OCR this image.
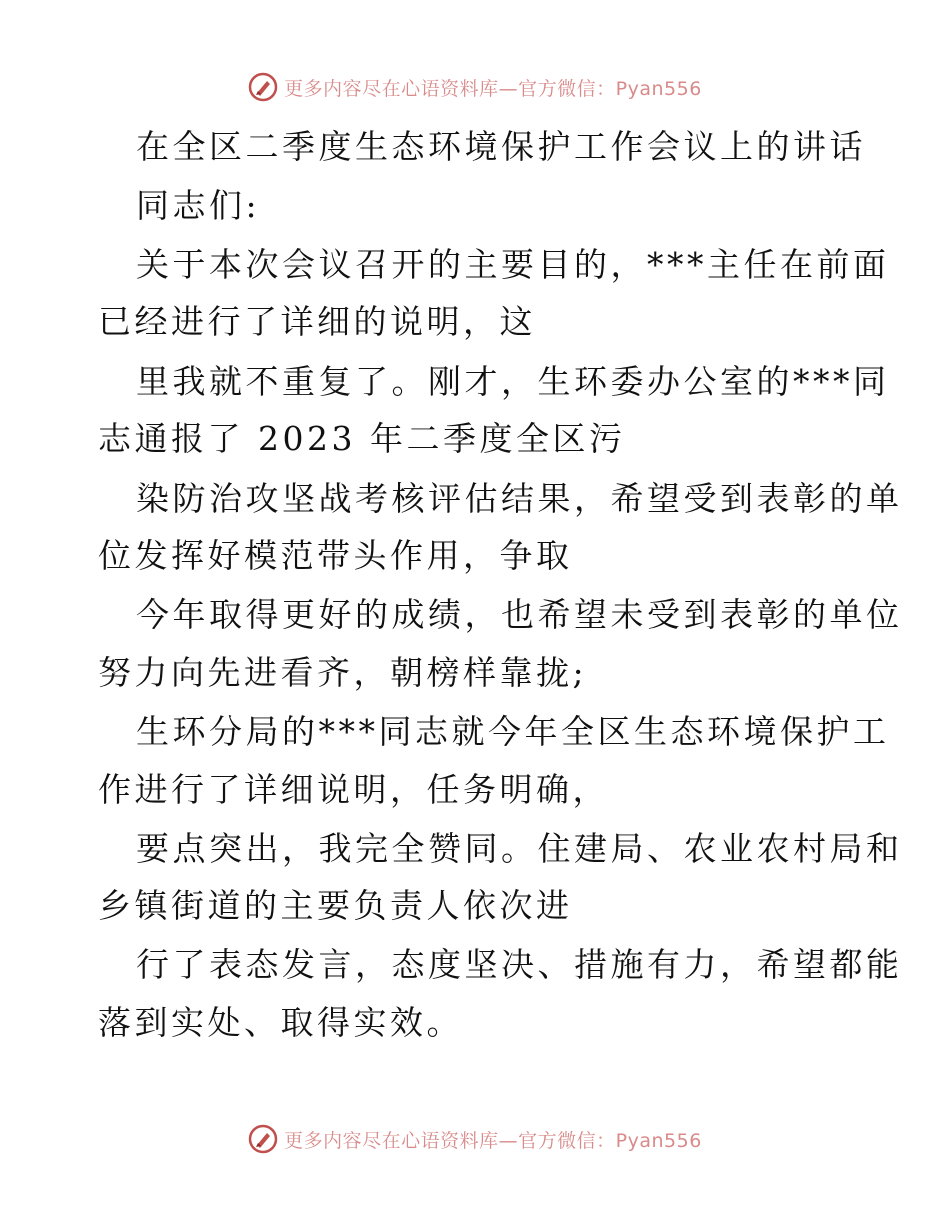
更多内容尽在心语资料库—官方微信：Pyan556
在全区二季度生态环境保护工作会议上的讲话
同志们:
关于本次会议召开的主要目的，***主任在前面
已经进行了详细的说明，这
里我就不重复了。刚才，生环委办公室的***同
志通报了 2023 年二季度全区污
染防治攻坚战考核评估结果，希望受到表彰的单
位发挥好模范带头作用，争取
今年取得更好的成绩，也希望未受到表彰的单位
努力向先进看齐，朝榜样靠拢;
生环分局的***同志就今年全区生态环境保护工
作进行了详细说明，任务明确，
要点突出，我完全赞同。住建局、农业农村局和
乡镇街道的主要负责人依次进
行了表态发言，态度坚决、措施有力，希望都能
落到实处、取得实效。
更多内容尽在心语资料库—官方微信：Pyan556
